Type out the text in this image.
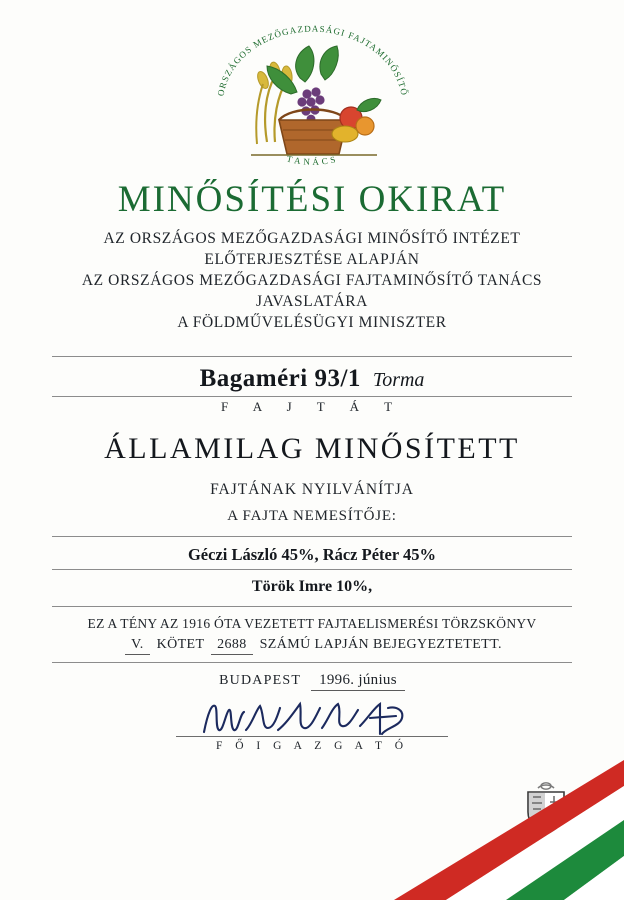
ORSZÁGOS MEZŐGAZDASÁGI FAJTAMINŐSÍTŐ
TANÁCS
MINŐSÍTÉSI OKIRAT
AZ ORSZÁGOS MEZŐGAZDASÁGI MINŐSÍTŐ INTÉZET
ELŐTERJESZTÉSE ALAPJÁN
AZ ORSZÁGOS MEZŐGAZDASÁGI FAJTAMINŐSÍTŐ TANÁCS
JAVASLATÁRA
A FÖLDMŰVELÉSÜGYI MINISZTER
Bagaméri 93/1 Torma
F A J T Á T
ÁLLAMILAG MINŐSÍTETT
FAJTÁNAK NYILVÁNÍTJA
A FAJTA NEMESÍTŐJE:
Géczi László 45%, Rácz Péter 45%
Török Imre 10%,
EZ A TÉNY AZ 1916 ÓTA VEZETETT FAJTAELISMERÉSI TÖRZSKÖNYV
V. KÖTET 2688 SZÁMÚ LAPJÁN BEJEGYEZTETETT.
BUDAPEST 1996. június
F Ő I G A Z G A T Ó
